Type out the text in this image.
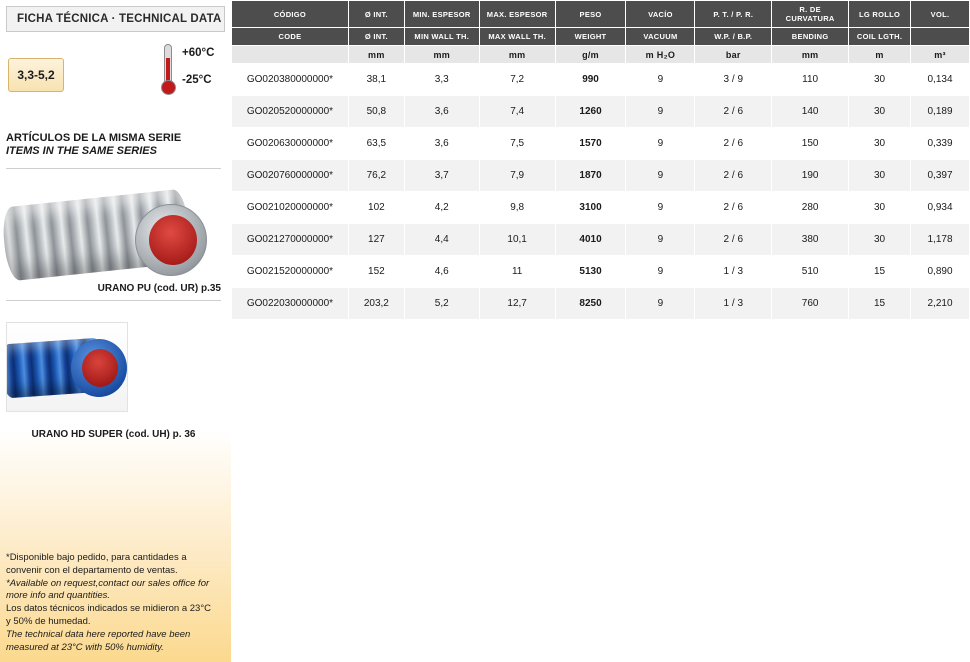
FICHA TÉCNICA · TECHNICAL DATA
3,3-5,2
+60°C
-25°C
ARTÍCULOS DE LA MISMA SERIE
ITEMS IN THE SAME SERIES
URANO PU (cod. UR) p.35
URANO HD SUPER (cod. UH) p. 36
*Disponible bajo pedido, para cantidades a
convenir con el departamento de ventas.
*Available on request,contact our sales office for
more info and quantities.
Los datos técnicos indicados se midieron a 23°C
y 50% de humedad.
The technical data here reported have been
measured at 23°C with 50% humidity.
CÓDIGO	Ø INT.	MIN. ESPESOR	MAX. ESPESOR	PESO	VACÍO	P. T. / P. R.	R. DE CURVATURA	LG ROLLO	VOL.
CODE	Ø INT.	MIN WALL TH.	MAX WALL TH.	WEIGHT	VACUUM	W.P. / B.P.	BENDING	COIL LGTH.	
	mm	mm	mm	g/m	m H₂O	bar	mm	m	m³
GO020380000000*	38,1	3,3	7,2	990	9	3 / 9	110	30	0,134
GO020520000000*	50,8	3,6	7,4	1260	9	2 / 6	140	30	0,189
GO020630000000*	63,5	3,6	7,5	1570	9	2 / 6	150	30	0,339
GO020760000000*	76,2	3,7	7,9	1870	9	2 / 6	190	30	0,397
GO021020000000*	102	4,2	9,8	3100	9	2 / 6	280	30	0,934
GO021270000000*	127	4,4	10,1	4010	9	2 / 6	380	30	1,178
GO021520000000*	152	4,6	11	5130	9	1 / 3	510	15	0,890
GO022030000000*	203,2	5,2	12,7	8250	9	1 / 3	760	15	2,210
